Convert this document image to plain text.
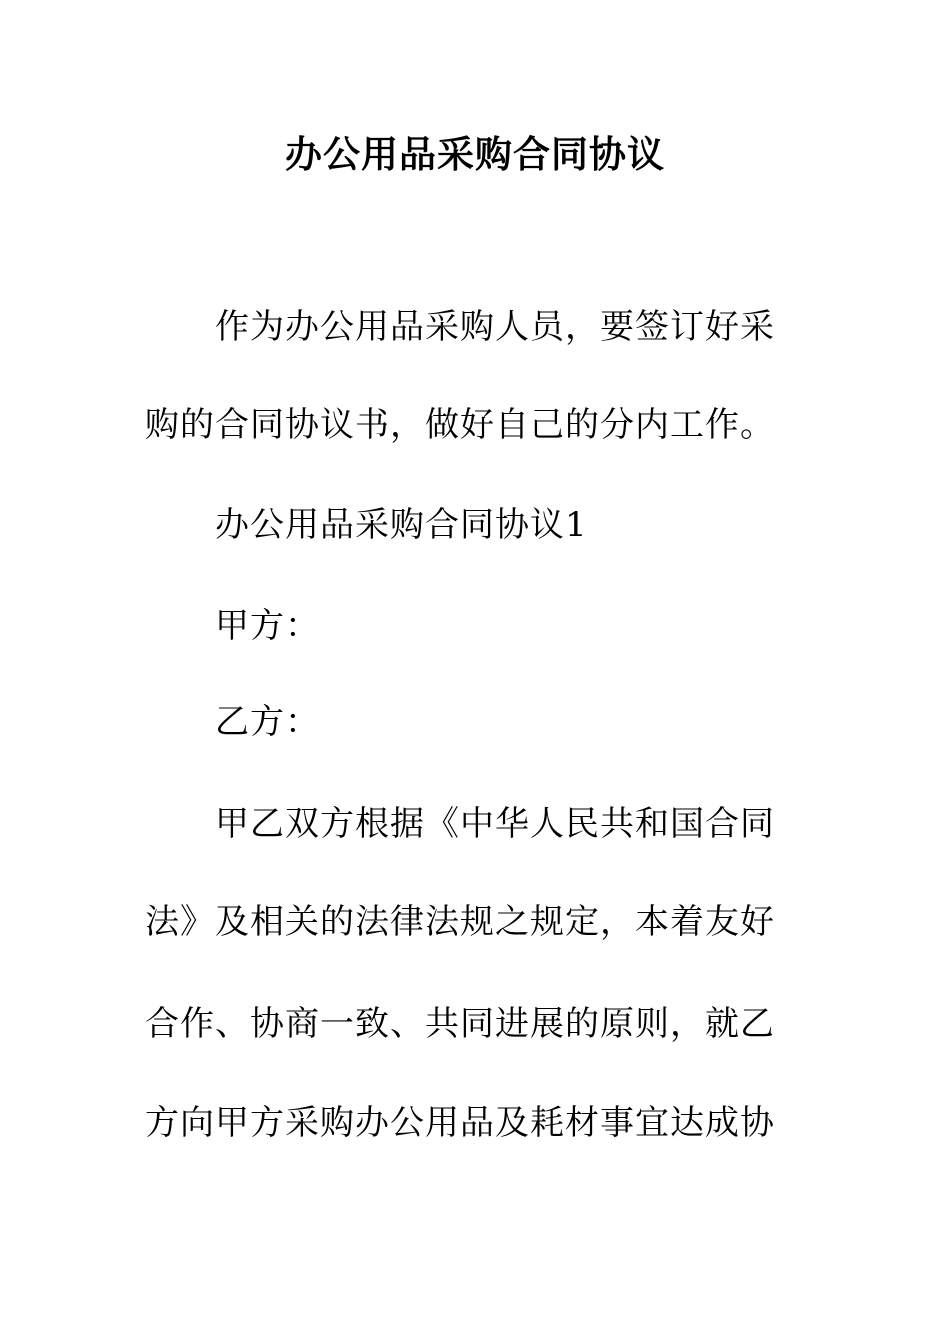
办公用品采购合同协议
作为办公用品采购人员，要签订好采
购的合同协议书，做好自己的分内工作。
办公用品采购合同协议1
甲方：
乙方：
甲乙双方根据《中华人民共和国合同
法》及相关的法律法规之规定，本着友好
合作、协商一致、共同进展的原则，就乙
方向甲方采购办公用品及耗材事宜达成协
